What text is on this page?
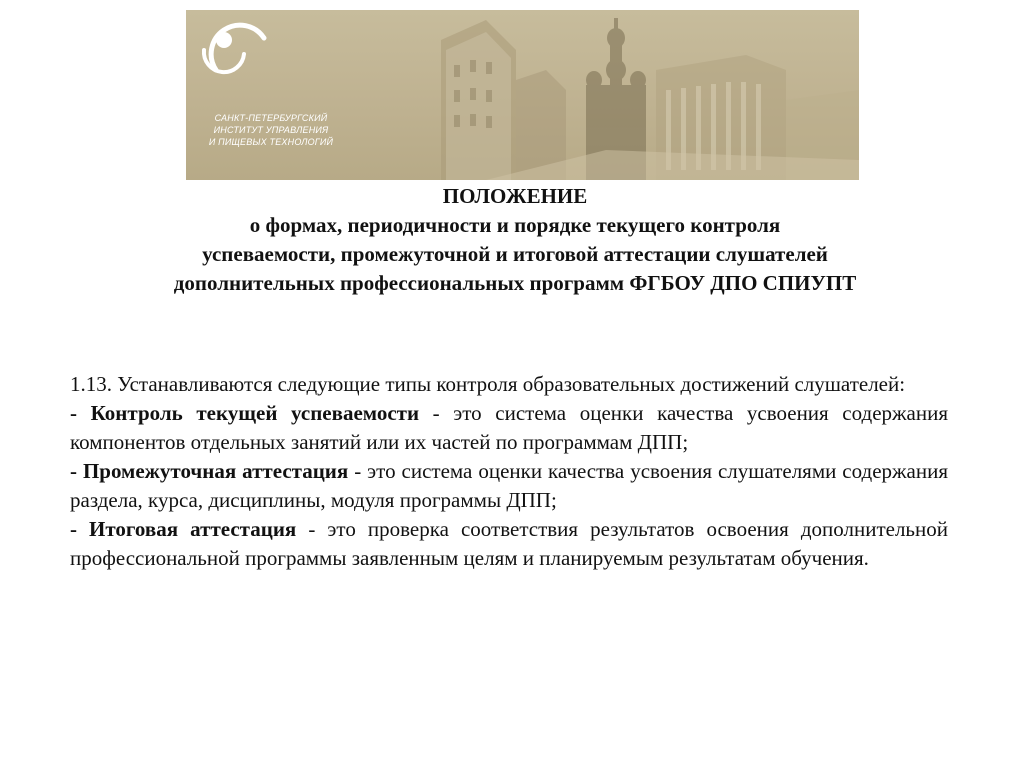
САНКТ-ПЕТЕРБУРГСКИЙ
ИНСТИТУТ УПРАВЛЕНИЯ
И ПИЩЕВЫХ ТЕХНОЛОГИЙ
ПОЛОЖЕНИЕ
о формах, периодичности и порядке текущего контроля
успеваемости, промежуточной и итоговой аттестации слушателей
дополнительных профессиональных программ ФГБОУ ДПО СПИУПТ

1.13. Устанавливаются следующие типы контроля образовательных достижений слушателей:

- Контроль текущей успеваемости - это система оценки качества усвоения содержания компонентов отдельных занятий или их частей по программам ДПП;

- Промежуточная аттестация - это система оценки качества усвоения слушателями содержания раздела, курса, дисциплины, модуля программы ДПП;

- Итоговая аттестация - это проверка соответствия результатов освоения дополнительной профессиональной программы заявленным целям и планируемым результатам обучения.
